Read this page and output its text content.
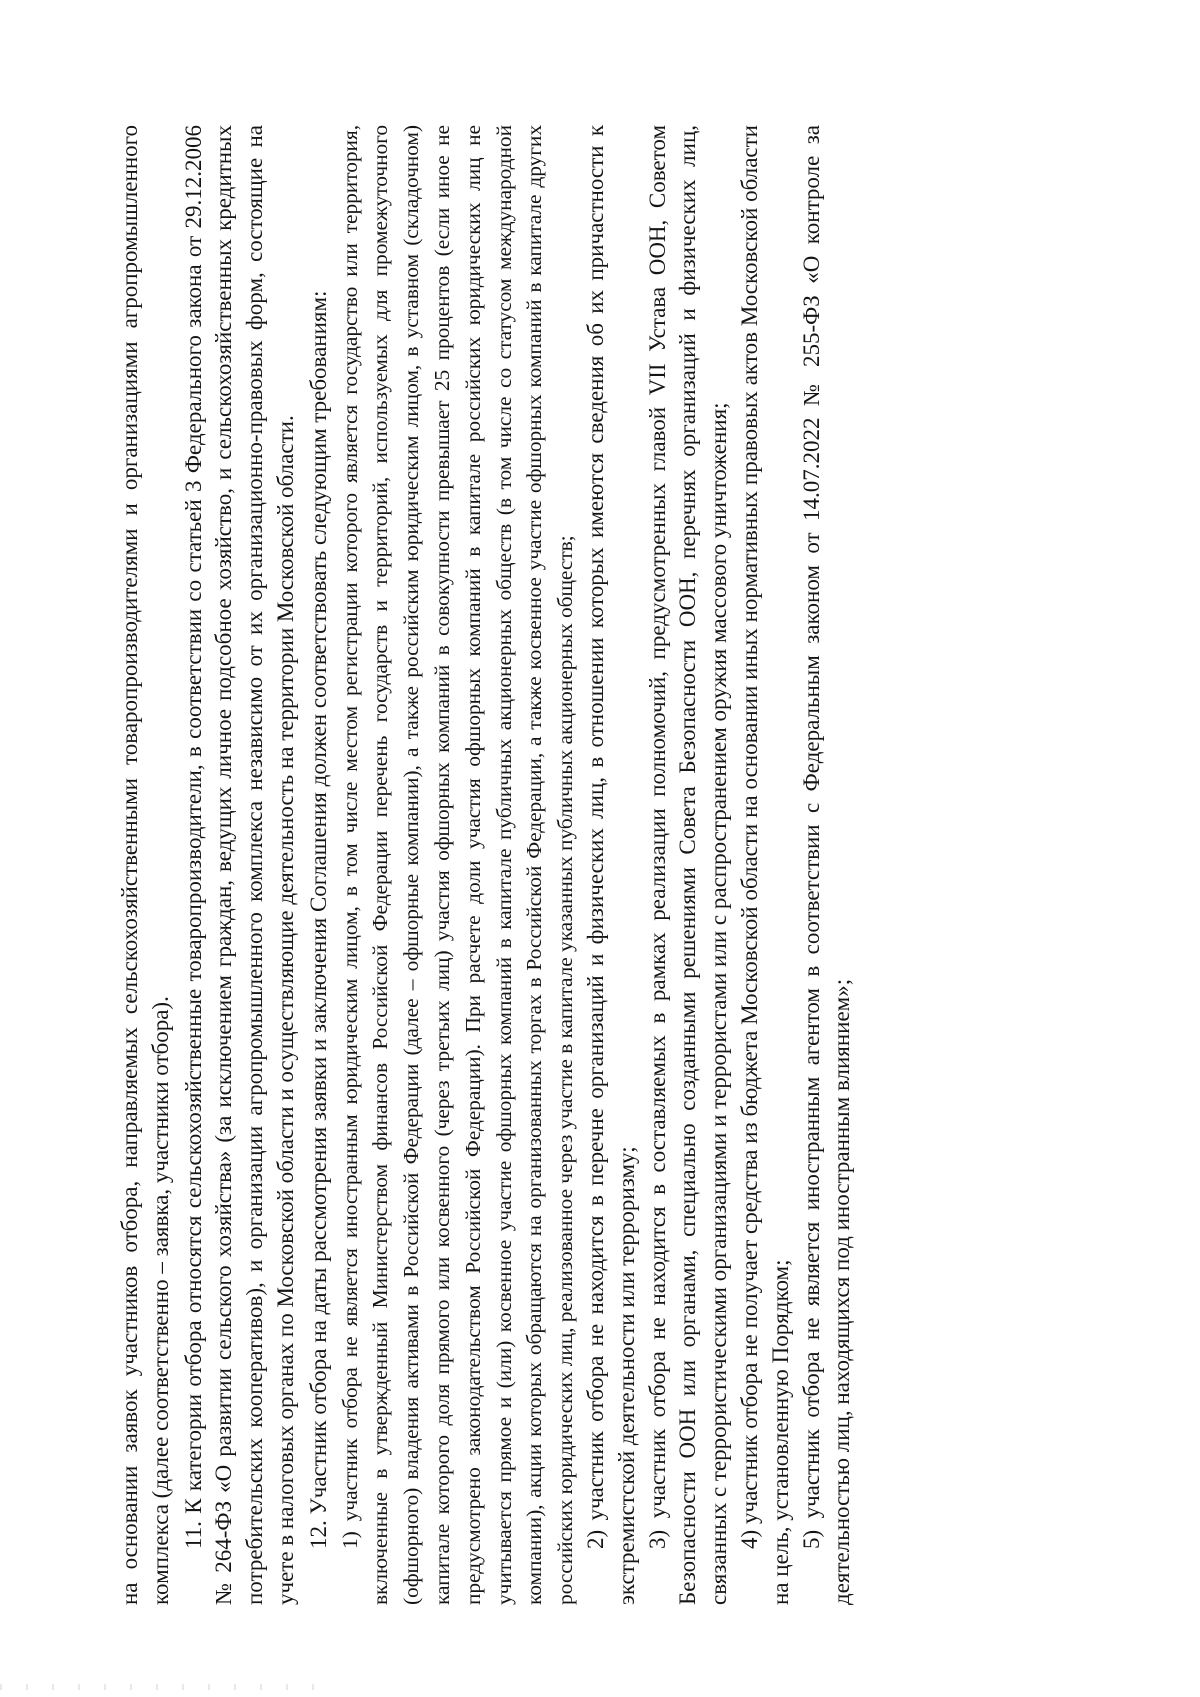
на основании заявок участников отбора, направляемых сельскохозяйственными товаропроизводителями и организациями агропромышленного комплекса (далее соответственно – заявка, участники отбора). 11. К категории отбора относятся сельскохозяйственные товаропроизводители, в соответствии со статьей 3 Федерального закона от 29.12.2006 № 264-ФЗ «О развитии сельского хозяйства» (за исключением граждан, ведущих личное подсобное хозяйство, и сельскохозяйственных кредитных потребительских кооперативов), и организации агропромышленного комплекса независимо от их организационно-правовых форм, состоящие на учете в налоговых органах по Московской области и осуществляющие деятельность на территории Московской области. 12. Участник отбора на даты рассмотрения заявки и заключения Соглашения должен соответствовать следующим требованиям: 1) участник отбора не является иностранным юридическим лицом, в том числе местом регистрации которого является государство или территория, включенные в утвержденный Министерством финансов Российской Федерации перечень государств и территорий, используемых для промежуточного (офшорного) владения активами в Российской Федерации (далее – офшорные компании), а также российским юридическим лицом, в уставном (складочном) капитале которого доля прямого или косвенного (через третьих лиц) участия офшорных компаний в совокупности превышает 25 процентов (если иное не предусмотрено законодательством Российской Федерации). При расчете доли участия офшорных компаний в капитале российских юридических лиц не учитывается прямое и (или) косвенное участие офшорных компаний в капитале публичных акционерных обществ (в том числе со статусом международной компании), акции которых обращаются на организованных торгах в Российской Федерации, а также косвенное участие офшорных компаний в капитале других российских юридических лиц, реализованное через участие в капитале указанных публичных акционерных обществ; 2) участник отбора не находится в перечне организаций и физических лиц, в отношении которых имеются сведения об их причастности к экстремистской деятельности или терроризму; 3) участник отбора не находится в составляемых в рамках реализации полномочий, предусмотренных главой VII Устава ООН, Советом Безопасности ООН или органами, специально созданными решениями Совета Безопасности ООН, перечнях организаций и физических лиц, связанных с террористическими организациями и террористами или с распространением оружия массового уничтожения; 4) участник отбора не получает средства из бюджета Московской области на основании иных нормативных правовых актов Московской области на цель, установленную Порядком; 5) участник отбора не является иностранным агентом в соответствии с Федеральным законом от 14.07.2022 № 255-ФЗ «О контроле за деятельностью лиц, находящихся под иностранным влиянием»;
